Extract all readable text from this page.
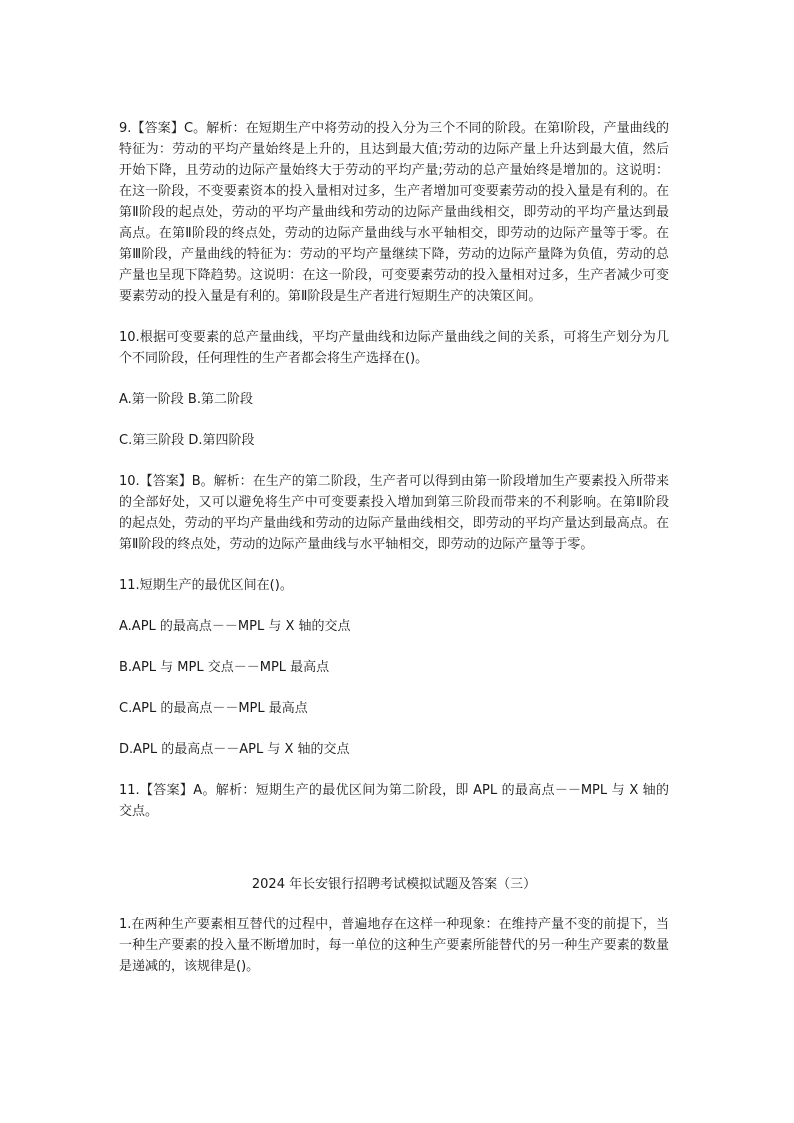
9.【答案】C。解析：在短期生产中将劳动的投入分为三个不同的阶段。在第Ⅰ阶段，产量曲线的特征为：劳动的平均产量始终是上升的，且达到最大值;劳动的边际产量上升达到最大值，然后开始下降，且劳动的边际产量始终大于劳动的平均产量;劳动的总产量始终是增加的。这说明：在这一阶段，不变要素资本的投入量相对过多，生产者增加可变要素劳动的投入量是有利的。在第Ⅱ阶段的起点处，劳动的平均产量曲线和劳动的边际产量曲线相交，即劳动的平均产量达到最高点。在第Ⅱ阶段的终点处，劳动的边际产量曲线与水平轴相交，即劳动的边际产量等于零。在第Ⅲ阶段，产量曲线的特征为：劳动的平均产量继续下降，劳动的边际产量降为负值，劳动的总产量也呈现下降趋势。这说明：在这一阶段，可变要素劳动的投入量相对过多，生产者减少可变要素劳动的投入量是有利的。第Ⅱ阶段是生产者进行短期生产的决策区间。

10.根据可变要素的总产量曲线，平均产量曲线和边际产量曲线之间的关系，可将生产划分为几个不同阶段，任何理性的生产者都会将生产选择在()。

A.第一阶段 B.第二阶段

C.第三阶段 D.第四阶段

10.【答案】B。解析：在生产的第二阶段，生产者可以得到由第一阶段增加生产要素投入所带来的全部好处，又可以避免将生产中可变要素投入增加到第三阶段而带来的不利影响。在第Ⅱ阶段的起点处，劳动的平均产量曲线和劳动的边际产量曲线相交，即劳动的平均产量达到最高点。在第Ⅱ阶段的终点处，劳动的边际产量曲线与水平轴相交，即劳动的边际产量等于零。

11.短期生产的最优区间在()。

A.APL 的最高点－－MPL 与 X 轴的交点

B.APL 与 MPL 交点－－MPL 最高点

C.APL 的最高点－－MPL 最高点

D.APL 的最高点－－APL 与 X 轴的交点

11.【答案】A。解析：短期生产的最优区间为第二阶段，即 APL 的最高点－－MPL 与 X 轴的交点。

2024 年长安银行招聘考试模拟试题及答案（三）

1.在两种生产要素相互替代的过程中，普遍地存在这样一种现象：在维持产量不变的前提下，当一种生产要素的投入量不断增加时，每一单位的这种生产要素所能替代的另一种生产要素的数量是递减的，该规律是()。
